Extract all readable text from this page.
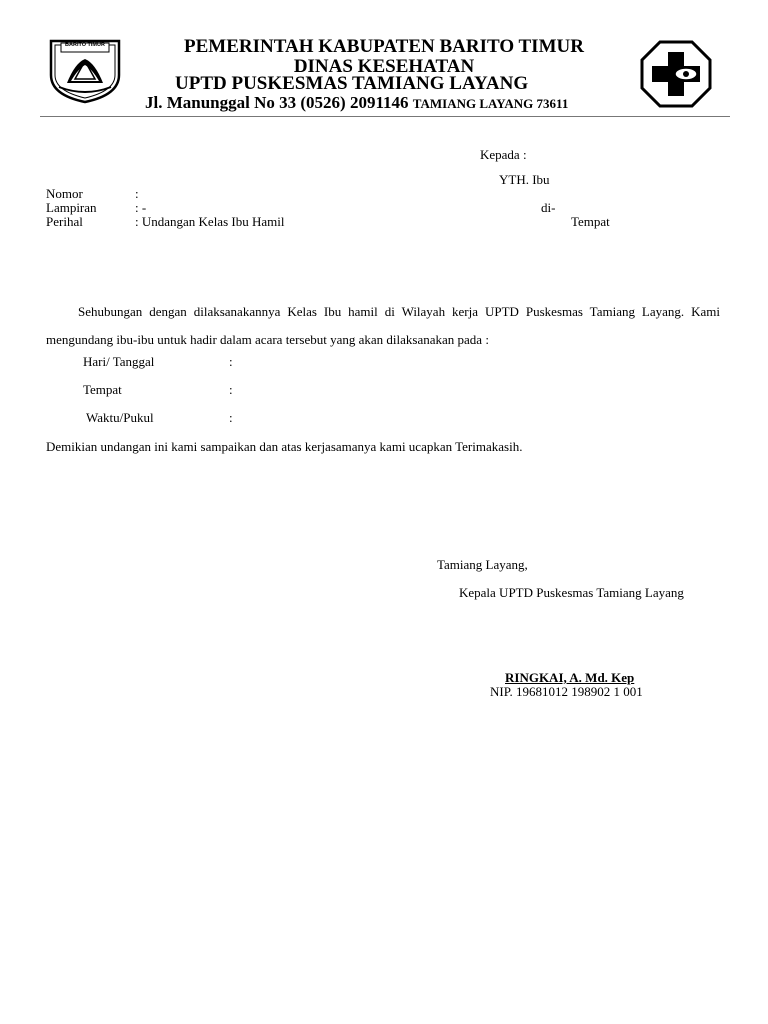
BARITO TIMUR	PEMERINTAH KABUPATEN BARITO TIMUR
DINAS KESEHATAN
UPTD PUSKESMAS TAMIANG LAYANG
Jl. Manunggal No 33 (0526) 2091146 TAMIANG LAYANG 73611
Kepada :
YTH. Ibu
di-
Tempat
Nomor	:
Lampiran	: -
Perihal	: Undangan Kelas Ibu Hamil
Sehubungan dengan dilaksanakannya Kelas Ibu hamil di Wilayah kerja UPTD Puskesmas Tamiang Layang. Kami mengundang ibu-ibu untuk hadir dalam acara tersebut yang akan dilaksanakan pada :
Hari/ Tanggal	:
Tempat	:
Waktu/Pukul	:
Demikian undangan ini kami sampaikan dan atas kerjasamanya kami ucapkan Terimakasih.
Tamiang Layang,
Kepala UPTD Puskesmas Tamiang Layang
RINGKAI, A. Md. Kep
NIP. 19681012 198902 1 001
